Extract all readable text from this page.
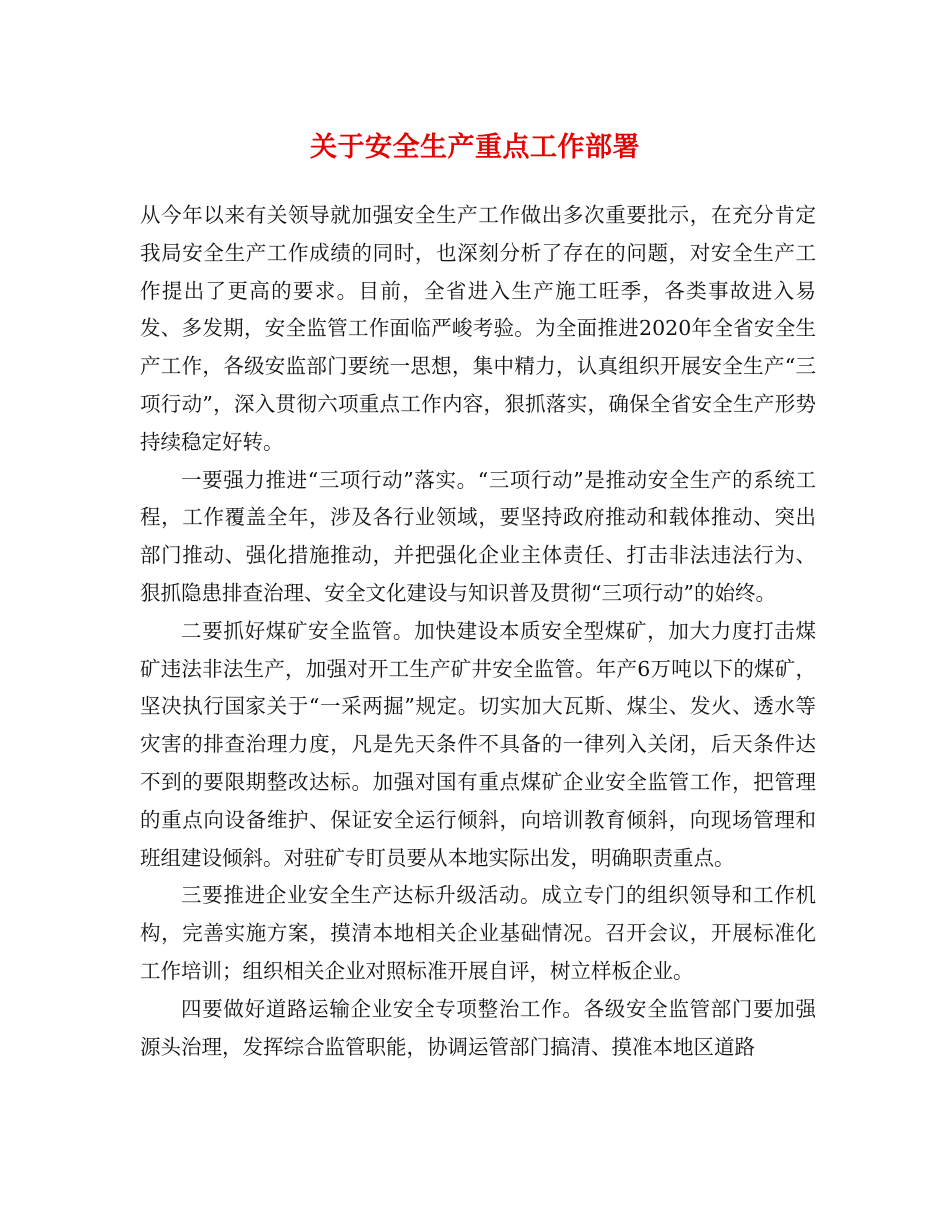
关于安全生产重点工作部署

从今年以来有关领导就加强安全生产工作做出多次重要批示，在充分肯定我局安全生产工作成绩的同时，也深刻分析了存在的问题，对安全生产工作提出了更高的要求。目前，全省进入生产施工旺季，各类事故进入易发、多发期，安全监管工作面临严峻考验。为全面推进2020年全省安全生产工作，各级安监部门要统一思想，集中精力，认真组织开展安全生产“三项行动”，深入贯彻六项重点工作内容，狠抓落实，确保全省安全生产形势持续稳定好转。

一要强力推进“三项行动”落实。“三项行动”是推动安全生产的系统工程，工作覆盖全年，涉及各行业领域，要坚持政府推动和载体推动、突出部门推动、强化措施推动，并把强化企业主体责任、打击非法违法行为、狠抓隐患排查治理、安全文化建设与知识普及贯彻“三项行动”的始终。

二要抓好煤矿安全监管。加快建设本质安全型煤矿，加大力度打击煤矿违法非法生产，加强对开工生产矿井安全监管。年产6万吨以下的煤矿，坚决执行国家关于“一采两掘”规定。切实加大瓦斯、煤尘、发火、透水等灾害的排查治理力度，凡是先天条件不具备的一律列入关闭，后天条件达不到的要限期整改达标。加强对国有重点煤矿企业安全监管工作，把管理的重点向设备维护、保证安全运行倾斜，向培训教育倾斜，向现场管理和班组建设倾斜。对驻矿专盯员要从本地实际出发，明确职责重点。

三要推进企业安全生产达标升级活动。成立专门的组织领导和工作机构，完善实施方案，摸清本地相关企业基础情况。召开会议，开展标准化工作培训；组织相关企业对照标准开展自评，树立样板企业。

四要做好道路运输企业安全专项整治工作。各级安全监管部门要加强源头治理，发挥综合监管职能，协调运管部门搞清、摸准本地区道路
